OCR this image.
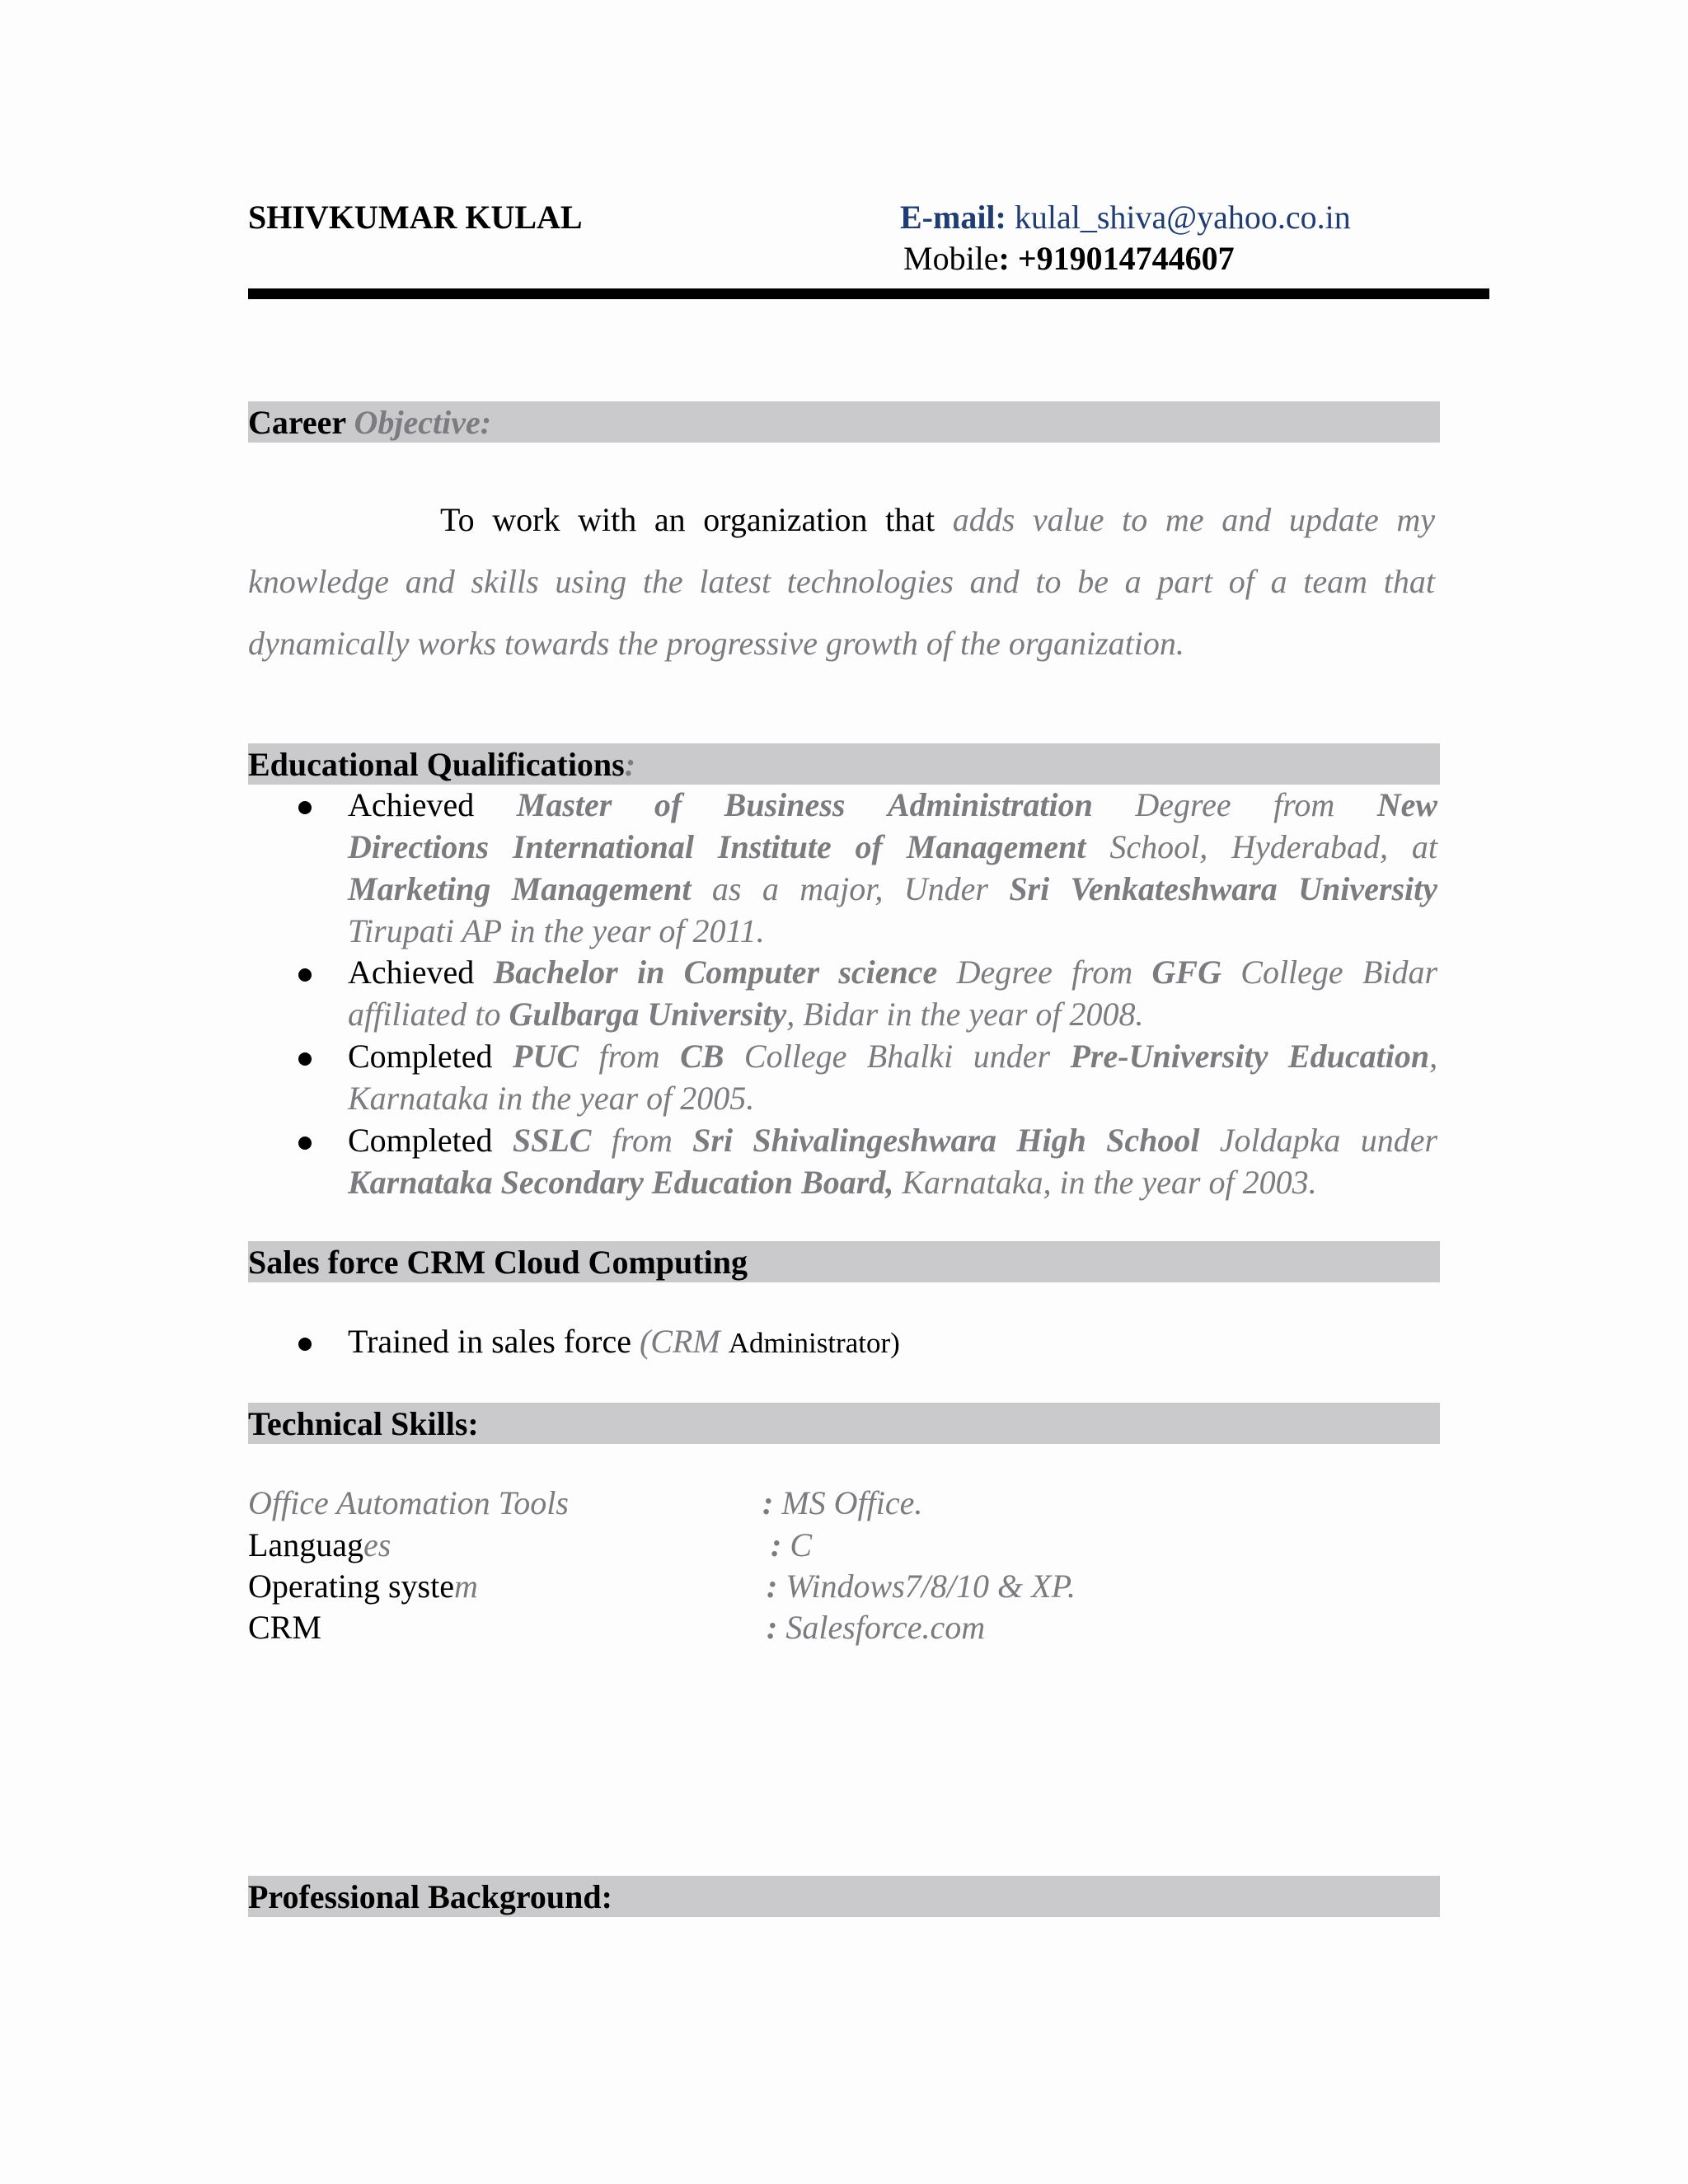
SHIVKUMAR KULAL	E-mail: kulal_shiva@yahoo.co.in
Mobile: +919014744607
Career Objective:
To work with an organization that adds value to me and update my
knowledge and skills using the latest technologies and to be a part of a team that
dynamically works towards the progressive growth of the organization.
Educational Qualifications:
Achieved Master of Business Administration Degree from New
Directions International Institute of Management School, Hyderabad, at
Marketing Management as a major, Under Sri Venkateshwara University
Tirupati AP in the year of 2011.
Achieved Bachelor in Computer science Degree from GFG College Bidar
affiliated to Gulbarga University, Bidar in the year of 2008.
Completed PUC from CB College Bhalki under Pre-University Education,
Karnataka in the year of 2005.
Completed SSLC from Sri Shivalingeshwara High School Joldapka under
Karnataka Secondary Education Board, Karnataka, in the year of 2003.
Sales force CRM Cloud Computing
Trained in sales force (CRM Administrator)
Technical Skills:
Office Automation Tools	: MS Office.
Languages	: C
Operating system	: Windows7/8/10 & XP.
CRM	: Salesforce.com
Professional Background:
